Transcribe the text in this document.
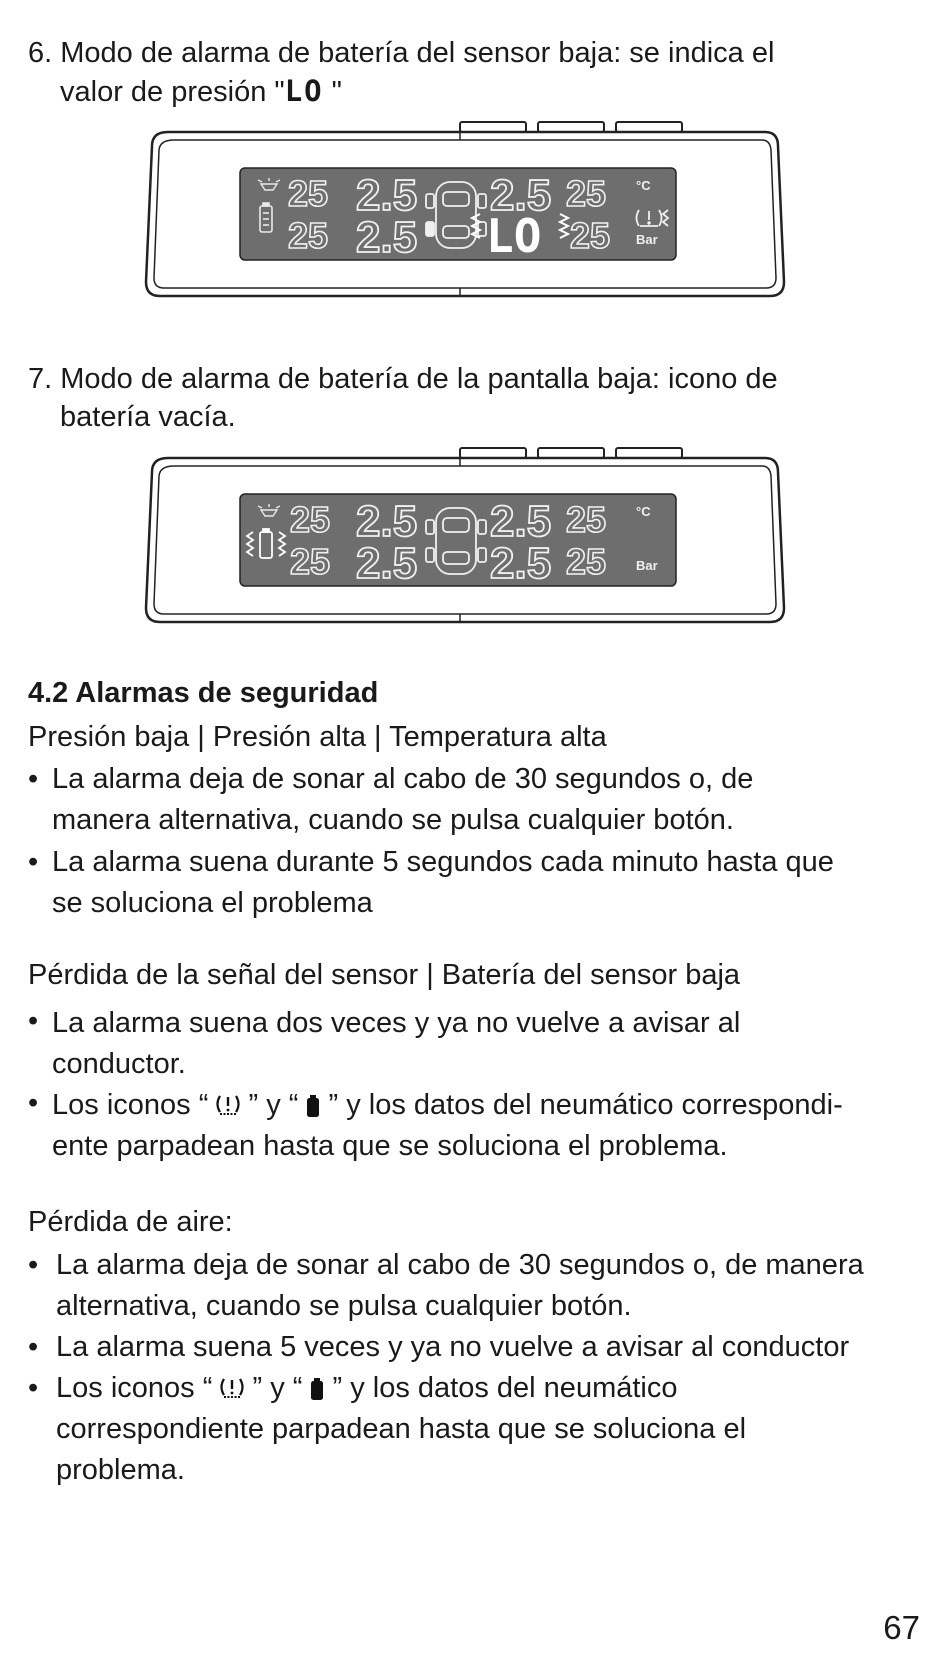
6. Modo de alarma de batería del sensor baja: se indica el
valor de presión "LO "
25 2.5
25 2.5
2.5 25
LO 25
°C
Bar
7. Modo de alarma de batería de la pantalla baja: icono de
batería vacía.
25 2.5
25 2.5
2.5 25
2.5 25
°C
Bar
4.2 Alarmas de seguridad
Presión baja | Presión alta | Temperatura alta
• La alarma deja de sonar al cabo de 30 segundos o, de
manera alternativa, cuando se pulsa cualquier botón.
• La alarma suena durante 5 segundos cada minuto hasta que
se soluciona el problema
Pérdida de la señal del sensor | Batería del sensor baja
• La alarma suena dos veces y ya no vuelve a avisar al
conductor.
• Los iconos “  ” y “  ” y los datos del neumático correspondi-
ente parpadean hasta que se soluciona el problema.
Pérdida de aire:
• La alarma deja de sonar al cabo de 30 segundos o, de manera
alternativa, cuando se pulsa cualquier botón.
• La alarma suena 5 veces y ya no vuelve a avisar al conductor
• Los iconos “  ” y “  ” y los datos del neumático
correspondiente parpadean hasta que se soluciona el
problema.
67
